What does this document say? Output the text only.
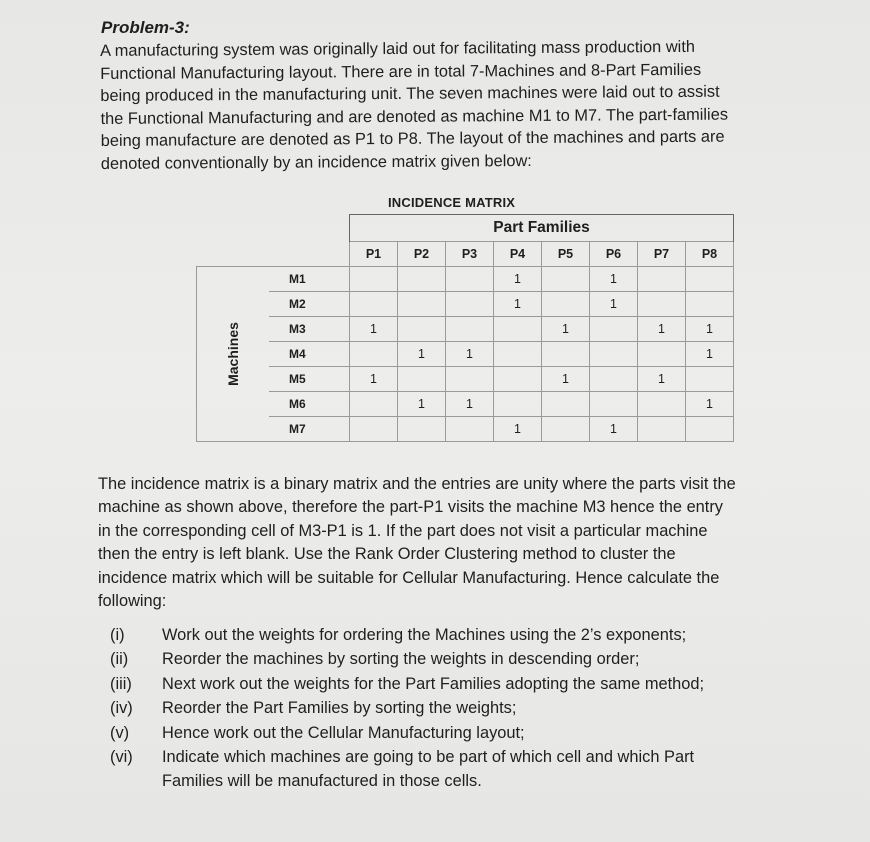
Problem-3:
A manufacturing system was originally laid out for facilitating mass production with
Functional Manufacturing layout. There are in total 7-Machines and 8-Part Families
being produced in the manufacturing unit. The seven machines were laid out to assist
the Functional Manufacturing and are denoted as machine M1 to M7. The part-families
being manufacture are denoted as P1 to P8. The layout of the machines and parts are
denoted conventionally by an incidence matrix given below:
INCIDENCE MATRIX
		Part Families							
		P1	P2	P3	P4	P5	P6	P7	P8

Machines	M1				1		1		
	M2				1		1		
	M3	1				1		1	1
	M4		1	1					1
	M5	1				1		1	
	M6		1	1					1
	M7				1		1		
The incidence matrix is a binary matrix and the entries are unity where the parts visit the
machine as shown above, therefore the part-P1 visits the machine M3 hence the entry
in the corresponding cell of M3-P1 is 1. If the part does not visit a particular machine
then the entry is left blank. Use the Rank Order Clustering method to cluster the
incidence matrix which will be suitable for Cellular Manufacturing. Hence calculate the
following:
(i) Work out the weights for ordering the Machines using the 2’s exponents;
(ii) Reorder the machines by sorting the weights in descending order;
(iii) Next work out the weights for the Part Families adopting the same method;
(iv) Reorder the Part Families by sorting the weights;
(v) Hence work out the Cellular Manufacturing layout;
(vi) Indicate which machines are going to be part of which cell and which Part
Families will be manufactured in those cells.
